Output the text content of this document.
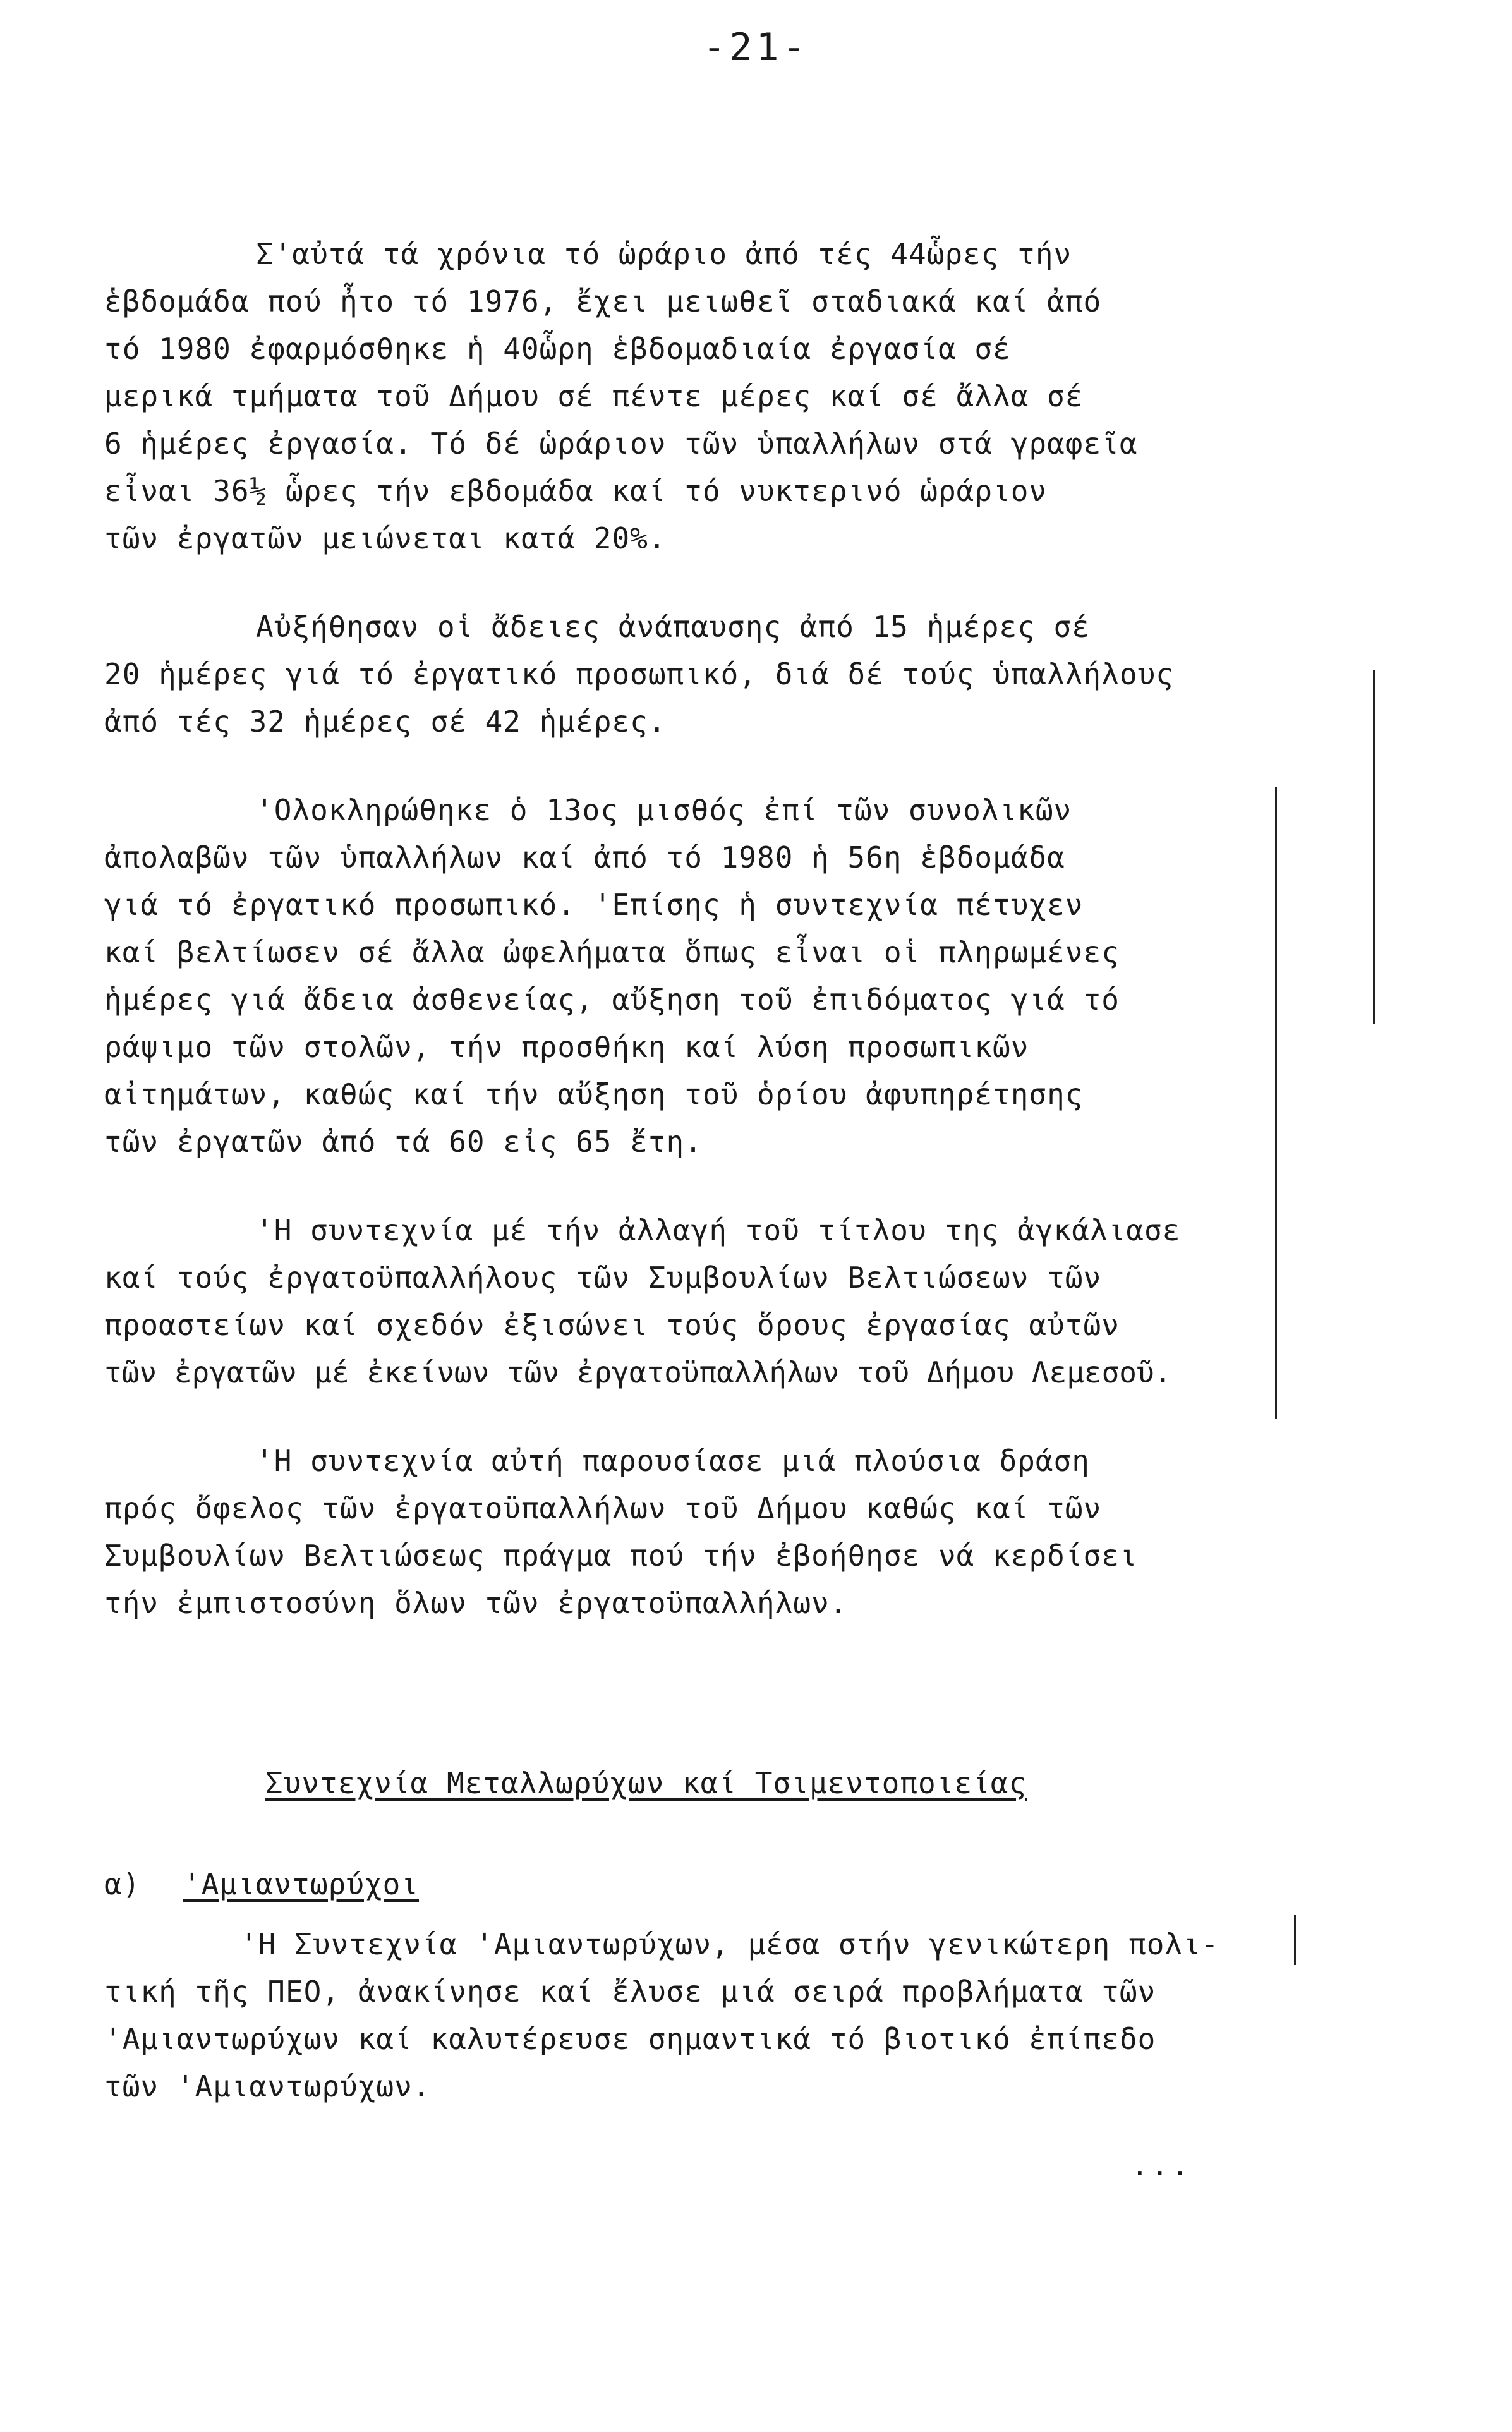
-21-
Σ'αὐτά τά χρόνια τό ὡράριο ἀπό τές 44ὧρες τήν
ἑβδομάδα πού ἦτο τό 1976, ἔχει μειωθεῖ σταδιακά καί ἀπό
τό 1980 ἐφαρμόσθηκε ἡ 40ὧρη ἑβδομαδιαία ἐργασία σέ
μερικά τμήματα τοῦ Δήμου σέ πέντε μέρες καί σέ ἄλλα σέ
6 ἡμέρες ἐργασία. Τό δέ ὡράριον τῶν ὑπαλλήλων στά γραφεῖα
εἶναι 36½ ὧρες τήν εβδομάδα καί τό νυκτερινό ὡράριον
τῶν ἐργατῶν μειώνεται κατά 20%.
Αὐξήθησαν οἱ ἄδειες ἀνάπαυσης ἀπό 15 ἡμέρες σέ
20 ἡμέρες γιά τό ἐργατικό προσωπικό, διά δέ τούς ὑπαλλήλους
ἀπό τές 32 ἡμέρες σέ 42 ἡμέρες.
'Ολοκληρώθηκε ὁ 13ος μισθός ἐπί τῶν συνολικῶν
ἀπολαβῶν τῶν ὑπαλλήλων καί ἀπό τό 1980 ἡ 56η ἑβδομάδα
γιά τό ἐργατικό προσωπικό. 'Επίσης ἡ συντεχνία πέτυχεν
καί βελτίωσεν σέ ἄλλα ὠφελήματα ὅπως εἶναι οἱ πληρωμένες
ἡμέρες γιά ἄδεια ἀσθενείας, αὔξηση τοῦ ἐπιδόματος γιά τό
ράψιμο τῶν στολῶν, τήν προσθήκη καί λύση προσωπικῶν
αἰτημάτων, καθώς καί τήν αὔξηση τοῦ ὁρίου ἀφυπηρέτησης
τῶν ἐργατῶν ἀπό τά 60 εἰς 65 ἔτη.
'Η συντεχνία μέ τήν ἀλλαγή τοῦ τίτλου της ἀγκάλιασε
καί τούς ἐργατοϋπαλλήλους τῶν Συμβουλίων Βελτιώσεων τῶν
προαστείων καί σχεδόν ἐξισώνει τούς ὅρους ἐργασίας αὐτῶν
τῶν ἐργατῶν μέ ἐκείνων τῶν ἐργατοϋπαλλήλων τοῦ Δήμου Λεμεσοῦ.
'Η συντεχνία αὐτή παρουσίασε μιά πλούσια δράση
πρός ὄφελος τῶν ἐργατοϋπαλλήλων τοῦ Δήμου καθώς καί τῶν
Συμβουλίων Βελτιώσεως πράγμα πού τήν ἐβοήθησε νά κερδίσει
τήν ἐμπιστοσύνη ὅλων τῶν ἐργατοϋπαλλήλων.
Συντεχνία Μεταλλωρύχων καί Τσιμεντοποιείας
α) 'Αμιαντωρύχοι
'Η Συντεχνία 'Αμιαντωρύχων, μέσα στήν γενικώτερη πολι-
τική τῆς ΠΕΟ, ἀνακίνησε καί ἔλυσε μιά σειρά προβλήματα τῶν
'Αμιαντωρύχων καί καλυτέρευσε σημαντικά τό βιοτικό ἐπίπεδο
τῶν 'Αμιαντωρύχων.
...
